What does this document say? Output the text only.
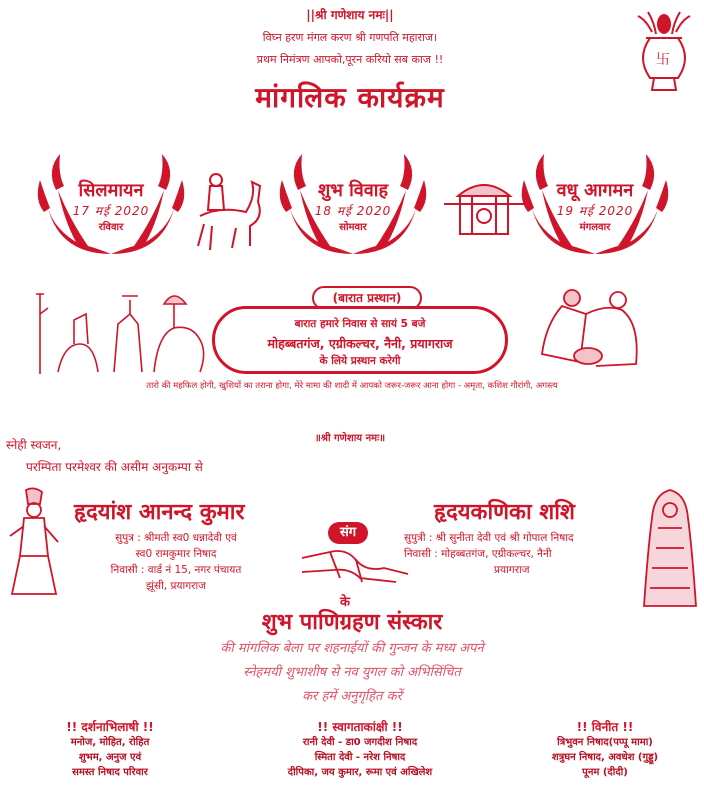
||श्री गणेशाय नमः||
विघ्न हरण मंगल करण श्री गणपति महाराज।
प्रथम निमंत्रण आपको,पूरन करियो सब काज !!
मांगलिक कार्यक्रम
卐
सिलमायन
17 मई 2020
रविवार
शुभ विवाह
18 मई 2020
सोमवार
वधू आगमन
19 मई 2020
मंगलवार
(बारात प्रस्थान)
बारात हमारे निवास से सायं 5 बजे
मोहब्बतगंज, एग्रीकल्चर, नैनी, प्रयागराज
के लिये प्रस्थान करेगी
तारो की महफिल होगी, खुशियों का तराना होगा, मेरे मामा की शादी में आपको जरूर-जरूर आना होगा - अमृता, कशिश गौरांगी, अगस्त्य
॥श्री गणेशाय नमः॥
स्नेही स्वजन,
परम्पिता परमेश्वर की असीम अनुकम्पा से
हृदयांश आनन्द कुमार
सुपुत्र : श्रीमती स्व0 धन्नादेवी एवं
स्व0 रामकुमार निषाद
निवासी : वार्ड नं 15, नगर पंचायत
झूंसी, प्रयागराज
संग
हृदयकणिका शशि
सुपुत्री : श्री सुनीता देवी एवं श्री गोपाल निषाद
निवासी : मोहब्बतगंज, एग्रीकल्चर, नैनी
प्रयागराज
के
शुभ पाणिग्रहण संस्कार
की मांगलिक बेला पर शहनाईयों की गुन्जन के मध्य अपने
स्नेहमयी शुभाशीष से नव युगल को अभिसिंचित
कर हमें अनुगृहित करें
!! दर्शनाभिलाषी !!
मनोज, मोहित, रोहित
शुभम, अनुज एवं
समस्त निषाद परिवार
!! स्वागताकांक्षी !!
रानी देवी - डा0 जगदीश निषाद
स्मिता देवी - नरेश निषाद
दीपिका, जय कुमार, रूमा एवं अखिलेश
!! विनीत !!
त्रिभुवन निषाद(पप्पू मामा)
शत्रुघन निषाद, अवधेश (गुड्डू)
पूनम (दीदी)
